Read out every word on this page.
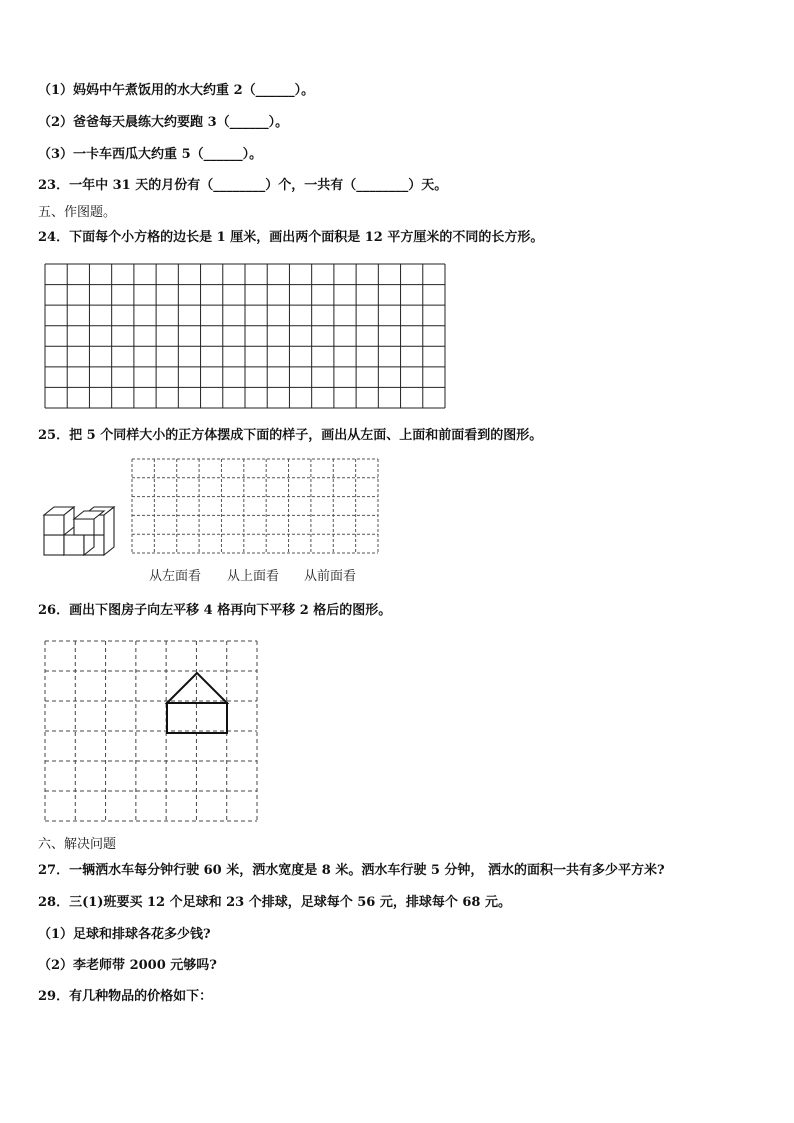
（1）妈妈中午煮饭用的水大约重 2（______）。
（2）爸爸每天晨练大约要跑 3（______）。
（3）一卡车西瓜大约重 5（______）。
23．一年中 31 天的月份有（________）个，一共有（________）天。
五、作图题。
24．下面每个小方格的边长是 1 厘米，画出两个面积是 12 平方厘米的不同的长方形。
25．把 5 个同样大小的正方体摆成下面的样子，画出从左面、上面和前面看到的图形。
从左面看 从上面看 从前面看
26．画出下图房子向左平移 4 格再向下平移 2 格后的图形。
六、解决问题
27．一辆洒水车每分钟行驶 60 米，洒水宽度是 8 米。洒水车行驶 5 分钟， 洒水的面积一共有多少平方米?
28．三(1)班要买 12 个足球和 23 个排球，足球每个 56 元，排球每个 68 元。
（1）足球和排球各花多少钱?
（2）李老师带 2000 元够吗?
29．有几种物品的价格如下：
